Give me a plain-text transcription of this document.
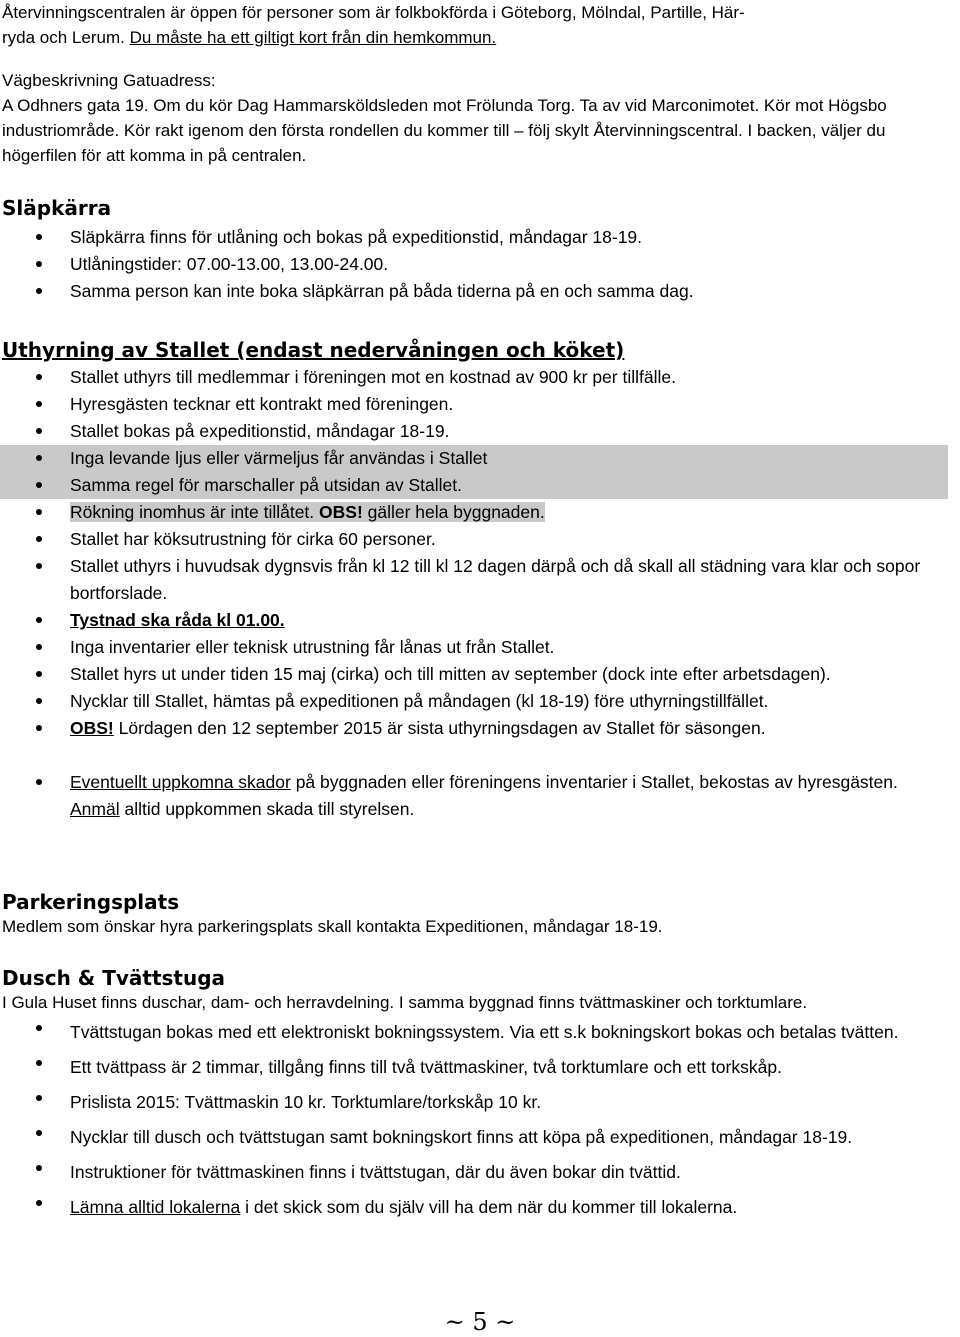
Återvinningscentralen är öppen för personer som är folkbokförda i Göteborg, Mölndal, Partille, Här-
ryda och Lerum. Du måste ha ett giltigt kort från din hemkommun.
Vägbeskrivning Gatuadress:
A Odhners gata 19. Om du kör Dag Hammarsköldsleden mot Frölunda Torg. Ta av vid Marconimotet. Kör mot Högsbo industriområde. Kör rakt igenom den första rondellen du kommer till – följ skylt Återvinningscentral. I backen, väljer du högerfilen för att komma in på centralen.
Släpkärra
Släpkärra finns för utlåning och bokas på expeditionstid, måndagar 18-19.
Utlåningstider: 07.00-13.00, 13.00-24.00.
Samma person kan inte boka släpkärran på båda tiderna på en och samma dag.
Uthyrning av Stallet (endast nedervåningen och köket)
Stallet uthyrs till medlemmar i föreningen mot en kostnad av 900 kr per tillfälle.
Hyresgästen tecknar ett kontrakt med föreningen.
Stallet bokas på expeditionstid, måndagar 18-19.
Inga levande ljus eller värmeljus får användas i Stallet
Samma regel för marschaller på utsidan av Stallet.
Rökning inomhus är inte tillåtet. OBS! gäller hela byggnaden.
Stallet har köksutrustning för cirka 60 personer.
Stallet uthyrs i huvudsak dygnsvis från kl 12 till kl 12 dagen därpå och då skall all städning vara klar och sopor bortforslade.
Tystnad ska råda kl 01.00.
Inga inventarier eller teknisk utrustning får lånas ut från Stallet.
Stallet hyrs ut under tiden 15 maj (cirka) och till mitten av september (dock inte efter arbetsdagen).
Nycklar till Stallet, hämtas på expeditionen på måndagen (kl 18-19) före uthyrningstillfället.
OBS! Lördagen den 12 september 2015 är sista uthyrningsdagen av Stallet för säsongen.
Eventuellt uppkomna skador på byggnaden eller föreningens inventarier i Stallet, bekostas av hyresgästen. Anmäl alltid uppkommen skada till styrelsen.
Parkeringsplats
Medlem som önskar hyra parkeringsplats skall kontakta Expeditionen, måndagar 18-19.
Dusch & Tvättstuga
I Gula Huset finns duschar, dam- och herravdelning. I samma byggnad finns tvättmaskiner och torktumlare.
Tvättstugan bokas med ett elektroniskt bokningssystem. Via ett s.k bokningskort bokas och betalas tvätten.
Ett tvättpass är 2 timmar, tillgång finns till två tvättmaskiner, två torktumlare och ett torkskåp.
Prislista 2015: Tvättmaskin 10 kr. Torktumlare/torkskåp 10 kr.
Nycklar till dusch och tvättstugan samt bokningskort finns att köpa på expeditionen, måndagar 18-19.
Instruktioner för tvättmaskinen finns i tvättstugan, där du även bokar din tvättid.
Lämna alltid lokalerna i det skick som du själv vill ha dem när du kommer till lokalerna.
~ 5 ~
